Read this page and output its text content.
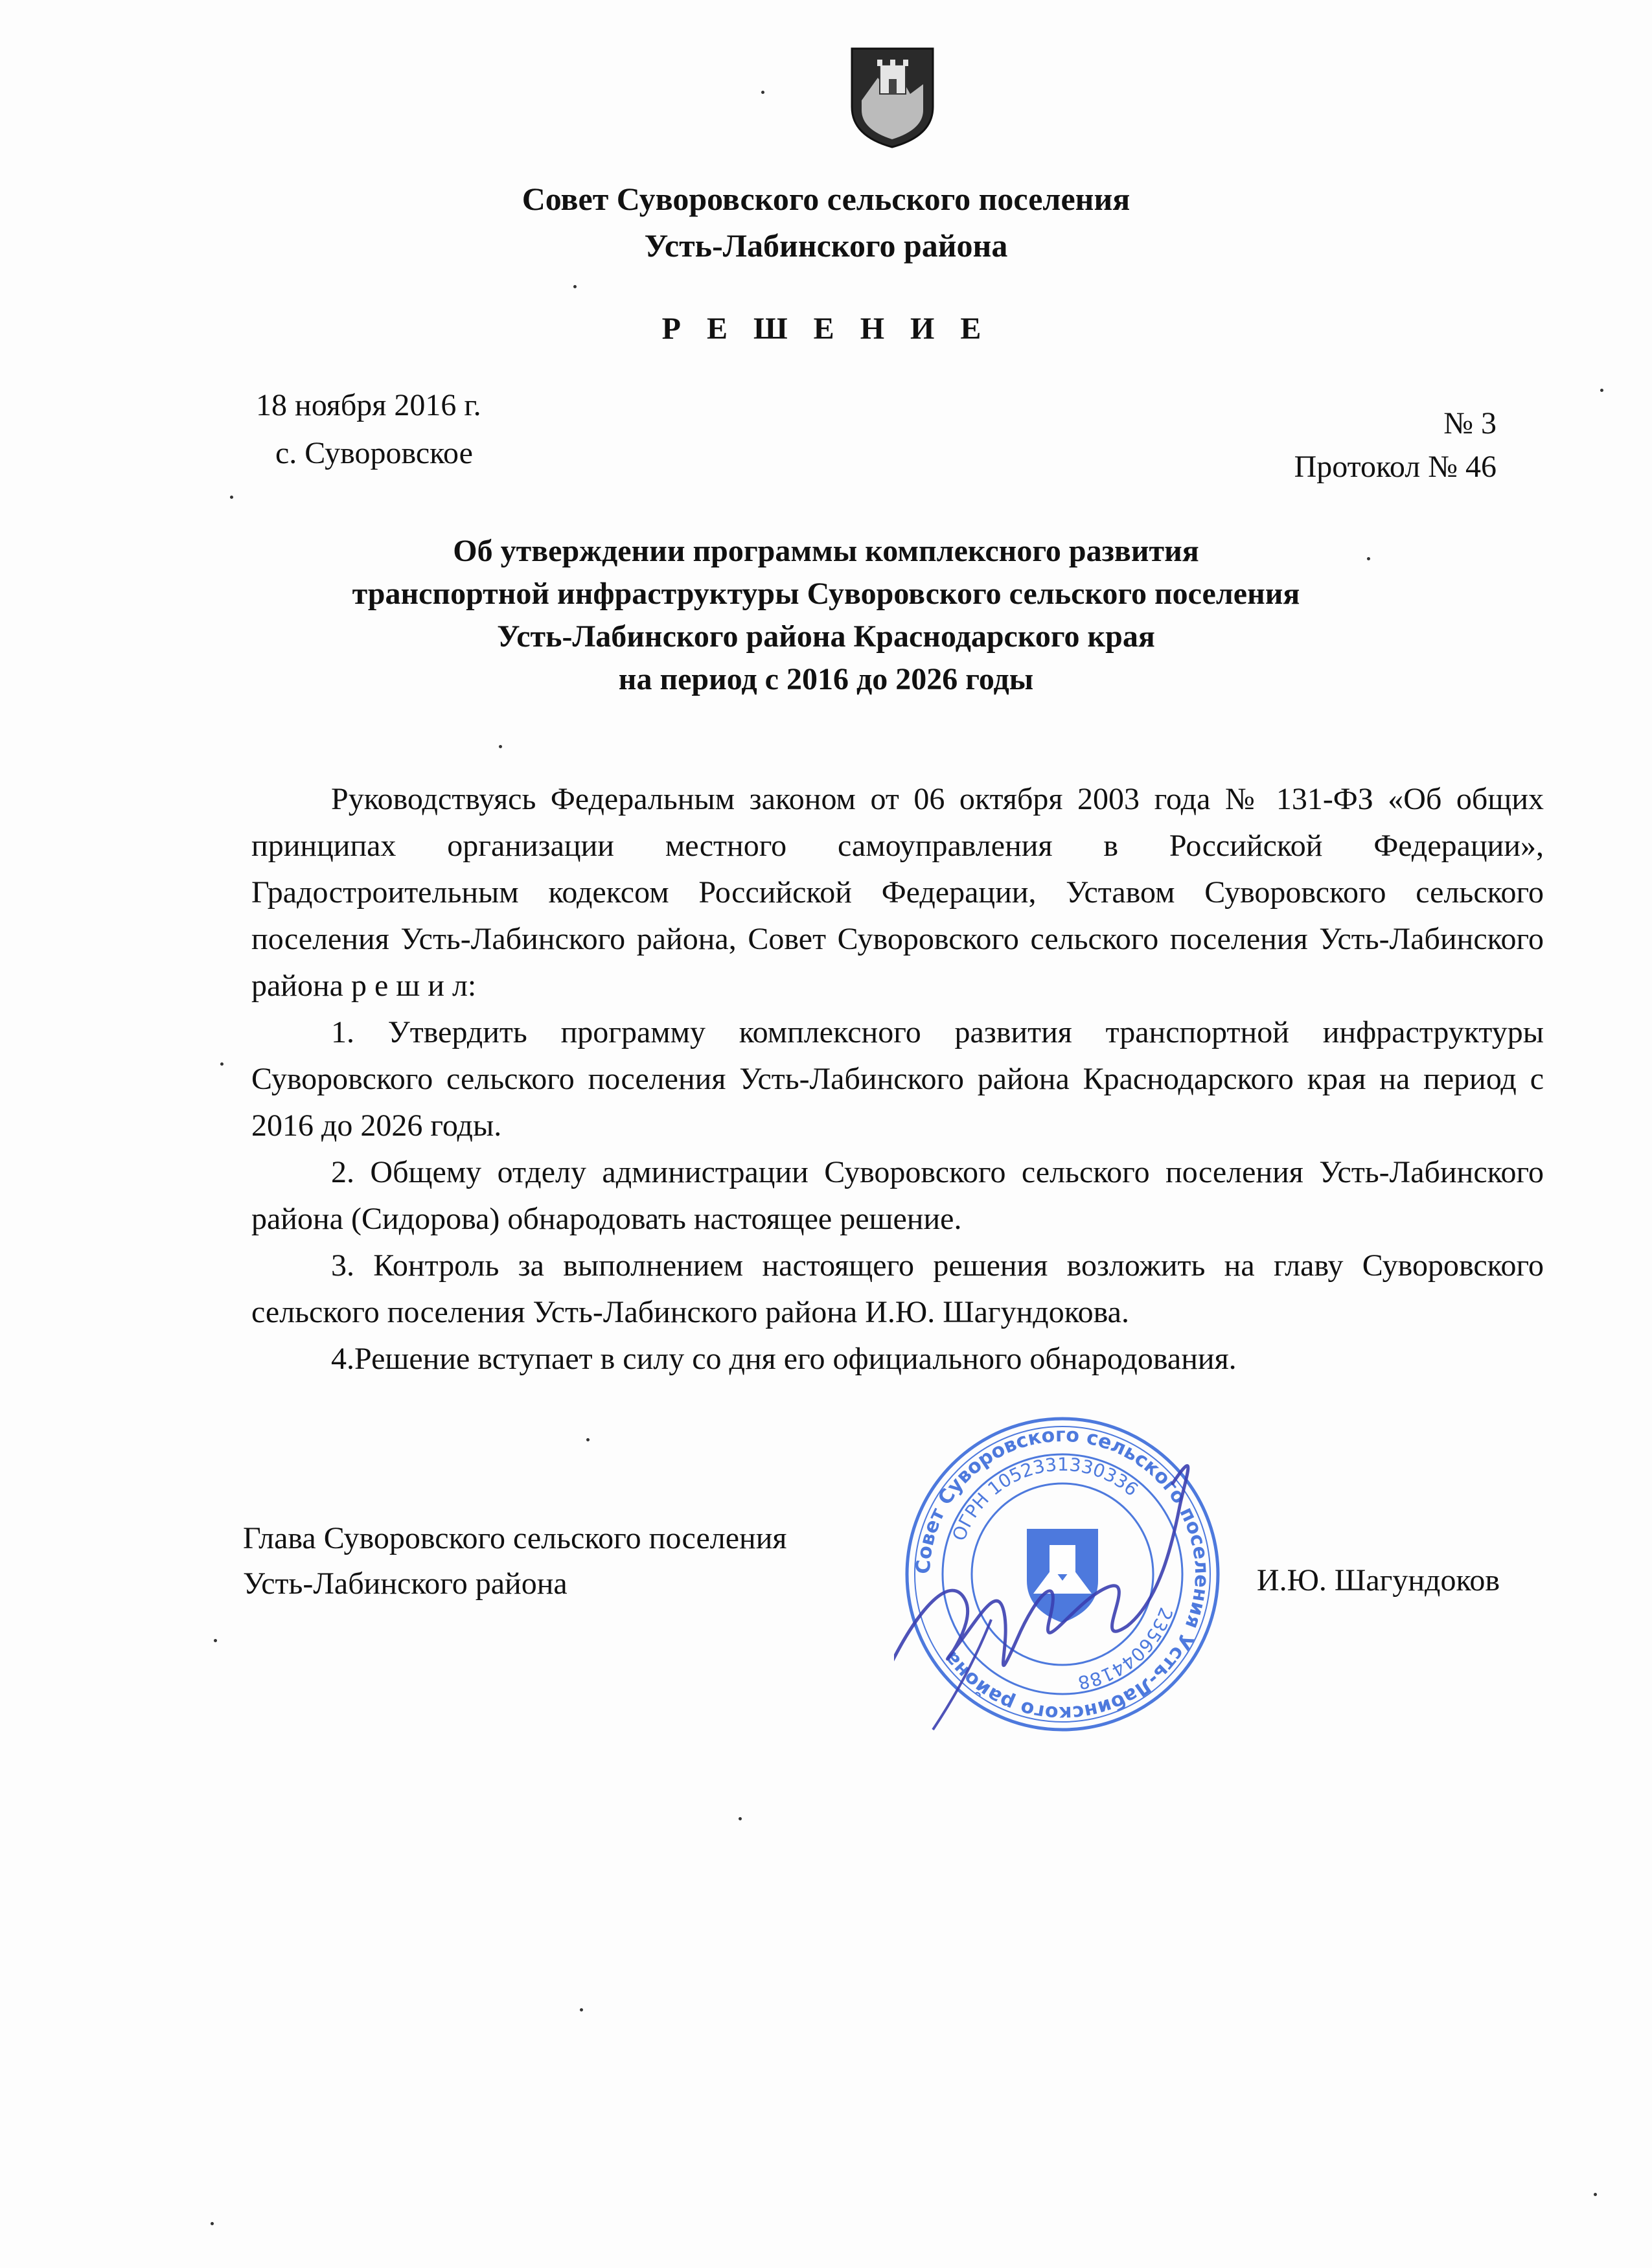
Совет Суворовского сельского поселения
Усть-Лабинского района
Р Е Ш Е Н И Е
18 ноября 2016 г.
с. Суворовское
№ 3
Протокол № 46
Об утверждении программы комплексного развития
транспортной инфраструктуры Суворовского сельского поселения
Усть-Лабинского района Краснодарского края
на период с 2016 до 2026 годы

Руководствуясь Федеральным законом от 06 октября 2003 года № 131-ФЗ «Об общих принципах организации местного самоуправления в Российской Федерации», Градостроительным кодексом Российской Федерации, Уставом Суворовского сельского поселения Усть-Лабинского района, Совет Суворовского сельского поселения Усть-Лабинского района р е ш и л:

1. Утвердить программу комплексного развития транспортной инфраструктуры Суворовского сельского поселения Усть-Лабинского района Краснодарского края на период с 2016 до 2026 годы.

2. Общему отделу администрации Суворовского сельского поселения Усть-Лабинского района (Сидорова) обнародовать настоящее решение.

3. Контроль за выполнением настоящего решения возложить на главу Суворовского сельского поселения Усть-Лабинского района И.Ю. Шагундокова.

4.Решение вступает в силу со дня его официального обнародования.

Глава Суворовского сельского поселения
Усть-Лабинского района	И.Ю. Шагундоков
Совет Суворовского сельского поселения Усть-Лабинского района
ОГРН 1052331330336
2356044188
